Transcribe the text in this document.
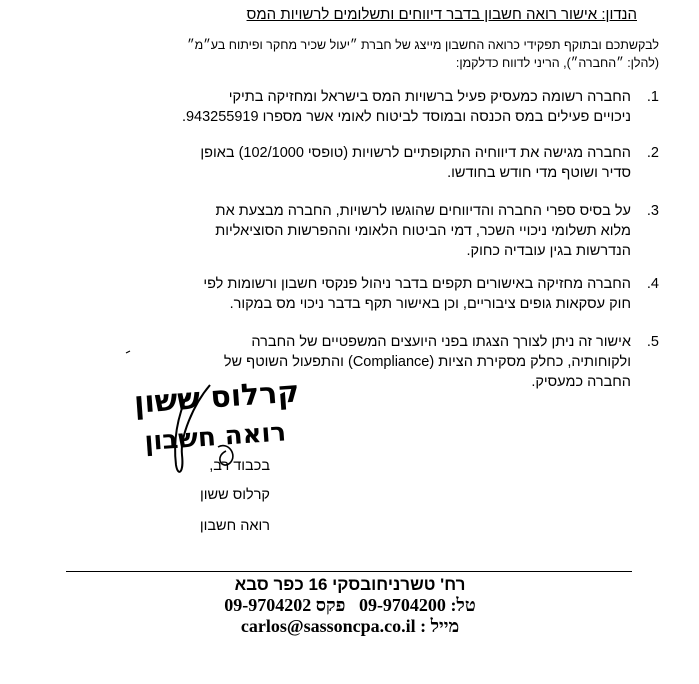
הנדון: אישור רואה חשבון בדבר דיווחים ותשלומים לרשויות המס
לבקשתכם ובתוקף תפקידי כרואה החשבון מייצג של חברת ״יעול שכיר מחקר ופיתוח בע״מ״
(להלן: ״החברה״), הריני לדווח כדלקמן:
1.
החברה רשומה כמעסיק פעיל ברשויות המס בישראל ומחזיקה בתיקי
ניכויים פעילים במס הכנסה ובמוסד לביטוח לאומי אשר מספרו 943255919.
2.
החברה מגישה את דיווחיה התקופתיים לרשויות (טופסי 102/1000) באופן
סדיר ושוטף מדי חודש בחודשו.
3.
על בסיס ספרי החברה והדיווחים שהוגשו לרשויות, החברה מבצעת את
מלוא תשלומי ניכויי השכר, דמי הביטוח הלאומי וההפרשות הסוציאליות
הנדרשות בגין עובדיה כחוק.
4.
החברה מחזיקה באישורים תקפים בדבר ניהול פנקסי חשבון ורשומות לפי
חוק עסקאות גופים ציבוריים, וכן באישור תקף בדבר ניכוי מס במקור.
5.
אישור זה ניתן לצורך הצגתו בפני היועצים המשפטיים של החברה
ולקוחותיה, כחלק מסקירת הציות (Compliance) והתפעול השוטף של
החברה כמעסיק.
קרלוס ששון
רואה חשבון
בכבוד רב,
קרלוס ששון
רואה חשבון
רח' טשרניחובסקי 16 כפר סבא
טל: 09-9704200   פקס 09-9704202
מייל : carlos@sassoncpa.co.il
